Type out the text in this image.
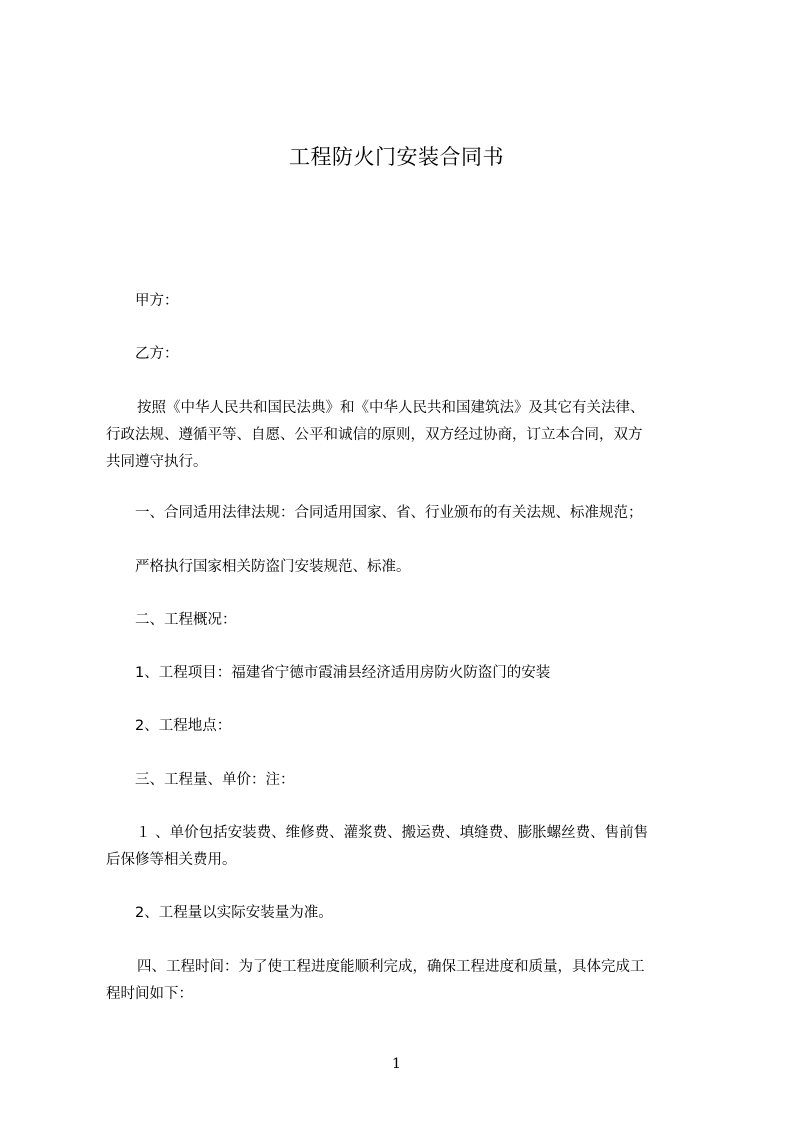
工程防火门安装合同书

甲方：

乙方：

按照《中华人民共和国民法典》和《中华人民共和国建筑法》及其它有关法律、
行政法规、遵循平等、自愿、公平和诚信的原则，双方经过协商，订立本合同，双方
共同遵守执行。

一、合同适用法律法规：合同适用国家、省、行业颁布的有关法规、标准规范；

严格执行国家相关防盗门安装规范、标准。

二、工程概况：

1、工程项目：福建省宁德市霞浦县经济适用房防火防盗门的安装

2、工程地点：

三、工程量、单价：注：

１ 、单价包括安装费、维修费、灌浆费、搬运费、填缝费、膨胀螺丝费、售前售
后保修等相关费用。

2、工程量以实际安装量为准。

四、工程时间：为了使工程进度能顺利完成，确保工程进度和质量，具体完成工
程时间如下：
1
